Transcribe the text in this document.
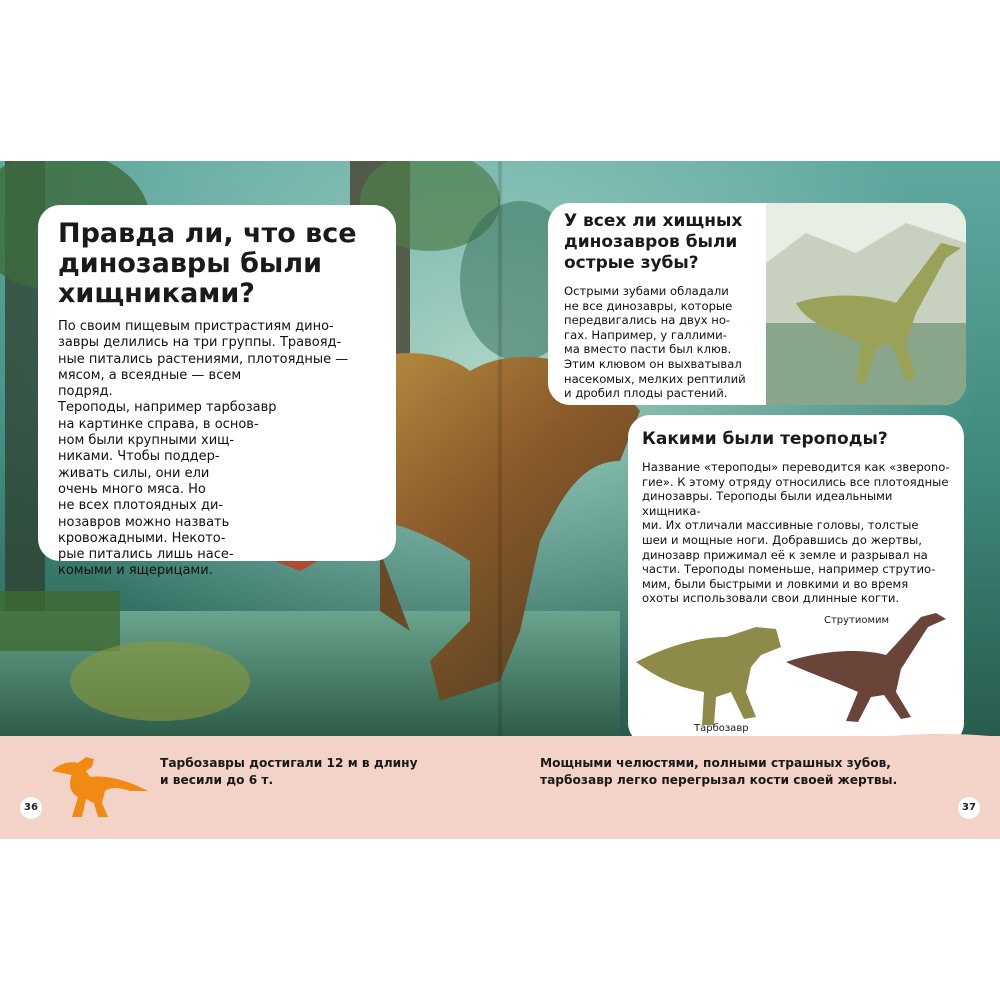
Правда ли, что все
динозавры были
хищниками?
По своим пищевым пристрастиям дино-
завры делились на три группы. Травояд-
ные питались растениями, плотоядные —
мясом, а всеядные — всем подряд.
Тероподы, например тарбозавр
на картинке справа, в основ-
ном были крупными хищ-
никами. Чтобы поддер-
живать силы, они ели
очень много мяса. Но
не всех плотоядных ди-
нозавров можно назвать
кровожадными. Некото-
рые питались лишь насе-
комыми и ящерицами.
У всех ли хищных
динозавров были
острые зубы?
Острыми зубами обладали
не все динозавры, которые
передвигались на двух но-
гах. Например, у галлими-
ма вместо пасти был клюв.
Этим клювом он выхватывал
насекомых, мелких рептилий
и дробил плоды растений.
Какими были тероподы?
Название «тероподы» переводится как «зверono-
гие». К этому отряду относились все плотоядные
динозавры. Тероподы были идеальными хищника-
ми. Их отличали массивные головы, толстые
шеи и мощные ноги. Добравшись до жертвы,
динозавр прижимал её к земле и разрывал на
части. Тероподы поменьше, например струтио-
мим, были быстрыми и ловкими и во время
охоты использовали свои длинные когти.
Струтиомим
Тарбозавр
Тарбозавры достигали 12 м в длину
и весили до 6 т.
Мощными челюстями, полными страшных зубов,
тарбозавр легко перегрызал кости своей жертвы.
36	37
